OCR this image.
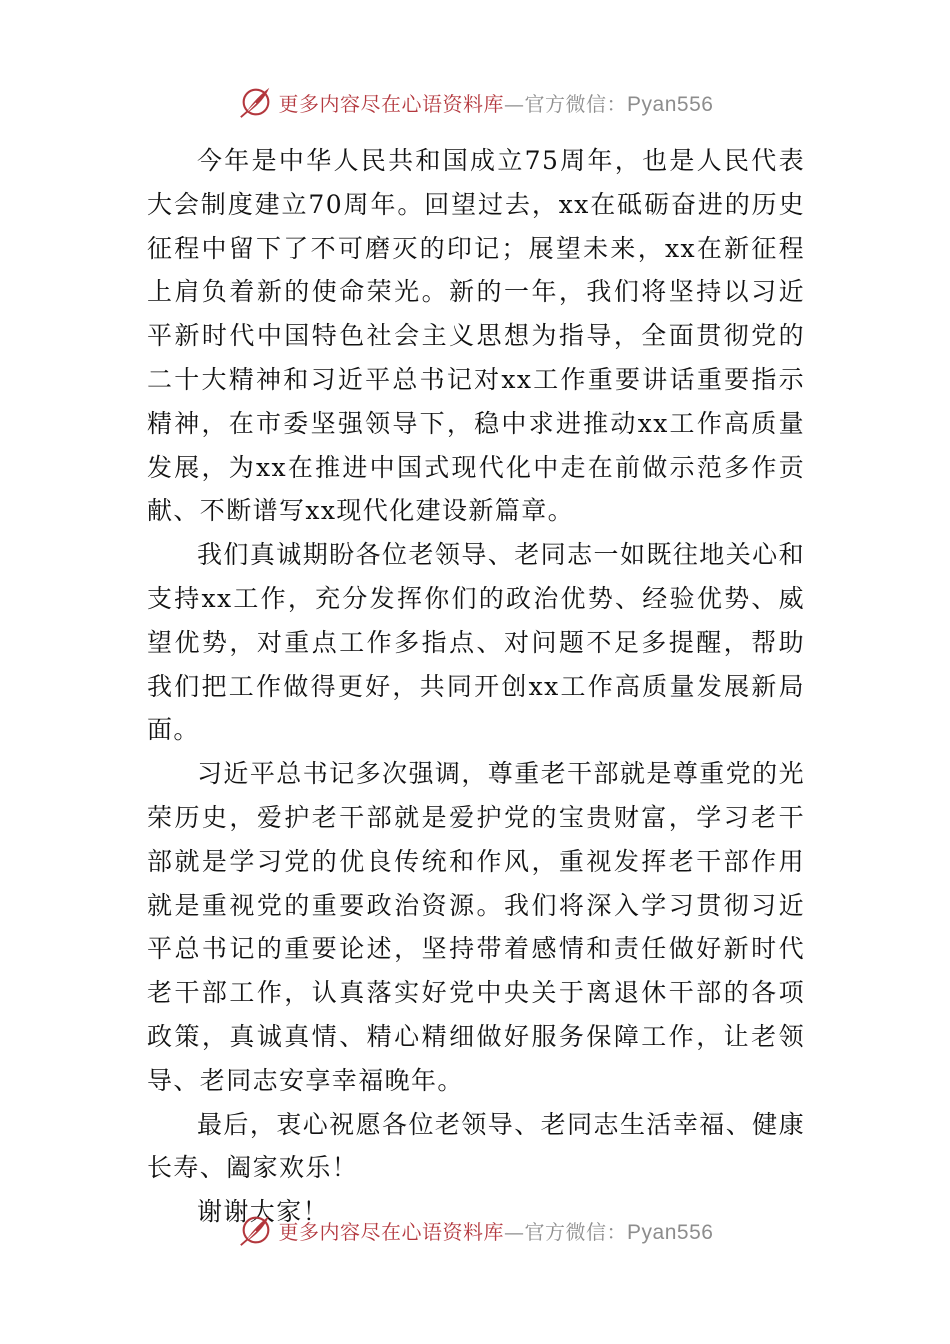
更多内容尽在心语资料库—官方微信：Pyan556

今年是中华人民共和国成立75周年，也是人民代表大会制度建立70周年。回望过去，xx在砥砺奋进的历史征程中留下了不可磨灭的印记；展望未来，xx在新征程上肩负着新的使命荣光。新的一年，我们将坚持以习近平新时代中国特色社会主义思想为指导，全面贯彻党的二十大精神和习近平总书记对xx工作重要讲话重要指示精神，在市委坚强领导下，稳中求进推动xx工作高质量发展，为xx在推进中国式现代化中走在前做示范多作贡献、不断谱写xx现代化建设新篇章。

我们真诚期盼各位老领导、老同志一如既往地关心和支持xx工作，充分发挥你们的政治优势、经验优势、威望优势，对重点工作多指点、对问题不足多提醒，帮助我们把工作做得更好，共同开创xx工作高质量发展新局面。

习近平总书记多次强调，尊重老干部就是尊重党的光荣历史，爱护老干部就是爱护党的宝贵财富，学习老干部就是学习党的优良传统和作风，重视发挥老干部作用就是重视党的重要政治资源。我们将深入学习贯彻习近平总书记的重要论述，坚持带着感情和责任做好新时代老干部工作，认真落实好党中央关于离退休干部的各项政策，真诚真情、精心精细做好服务保障工作，让老领导、老同志安享幸福晚年。

最后，衷心祝愿各位老领导、老同志生活幸福、健康长寿、阖家欢乐！

谢谢大家！

更多内容尽在心语资料库—官方微信：Pyan556
